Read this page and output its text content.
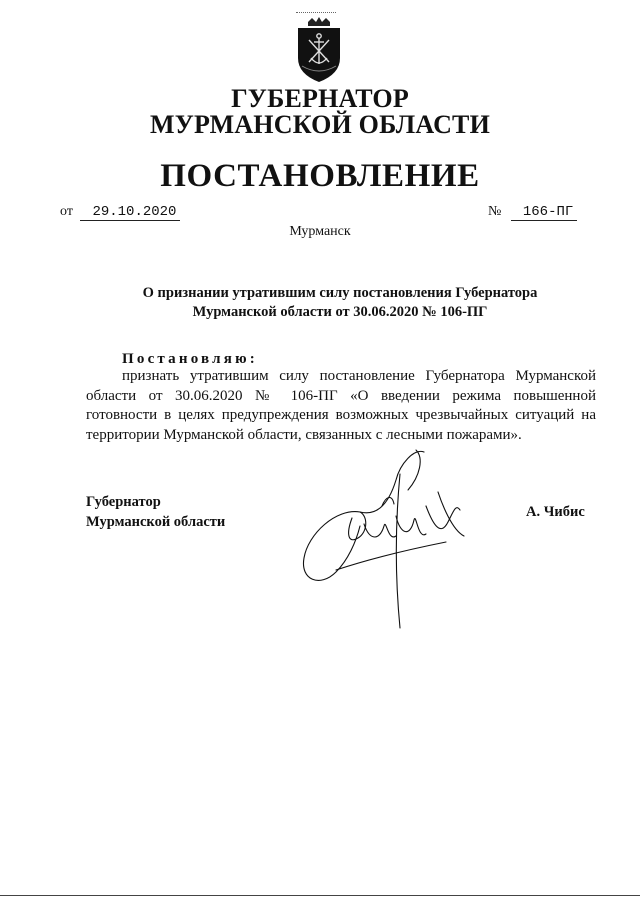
ГУБЕРНАТОР
МУРМАНСКОЙ ОБЛАСТИ
ПОСТАНОВЛЕНИЕ
от 29.10.2020	№ 166-ПГ
Мурманск
О признании утратившим силу постановления Губернатора
Мурманской области от 30.06.2020 № 106-ПГ
Постановляю:
признать утратившим силу постановление Губернатора Мурманской
области от 30.06.2020 № 106-ПГ «О введении режима повышенной
готовности в целях предупреждения возможных чрезвычайных ситуаций на
территории Мурманской области, связанных с лесными пожарами».
Губернатор
Мурманской области
А. Чибис
